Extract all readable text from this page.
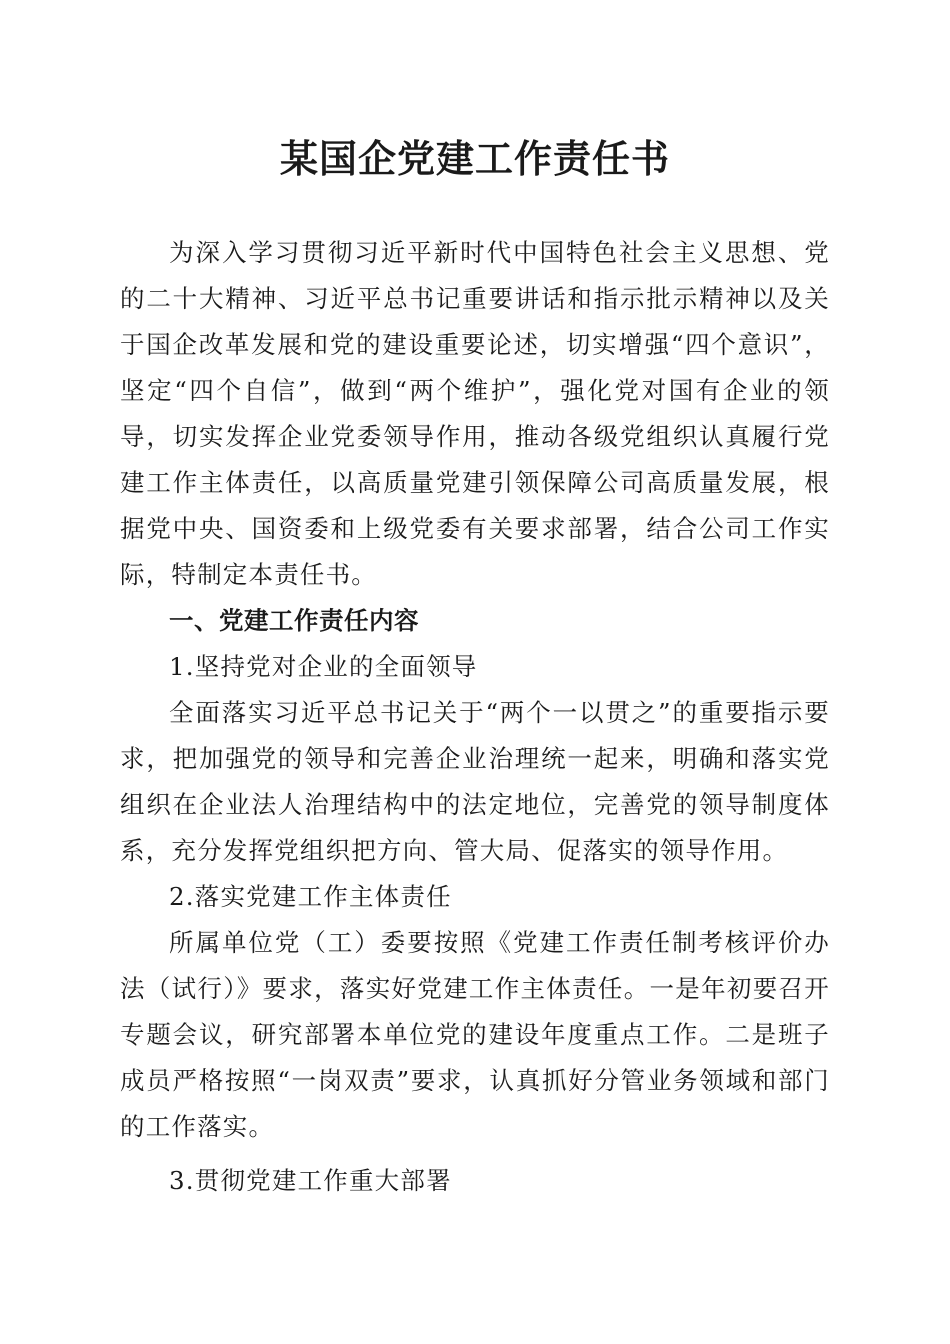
某国企党建工作责任书

为深入学习贯彻习近平新时代中国特色社会主义思想、党的二十大精神、习近平总书记重要讲话和指示批示精神以及关于国企改革发展和党的建设重要论述，切实增强“四个意识”，坚定“四个自信”，做到“两个维护”，强化党对国有企业的领导，切实发挥企业党委领导作用，推动各级党组织认真履行党建工作主体责任，以高质量党建引领保障公司高质量发展，根据党中央、国资委和上级党委有关要求部署，结合公司工作实际，特制定本责任书。

一、党建工作责任内容

1.坚持党对企业的全面领导

全面落实习近平总书记关于“两个一以贯之”的重要指示要求，把加强党的领导和完善企业治理统一起来，明确和落实党组织在企业法人治理结构中的法定地位，完善党的领导制度体系，充分发挥党组织把方向、管大局、促落实的领导作用。

2.落实党建工作主体责任

所属单位党（工）委要按照《党建工作责任制考核评价办法（试行）》要求，落实好党建工作主体责任。一是年初要召开专题会议，研究部署本单位党的建设年度重点工作。二是班子成员严格按照“一岗双责”要求，认真抓好分管业务领域和部门的工作落实。

3.贯彻党建工作重大部署
